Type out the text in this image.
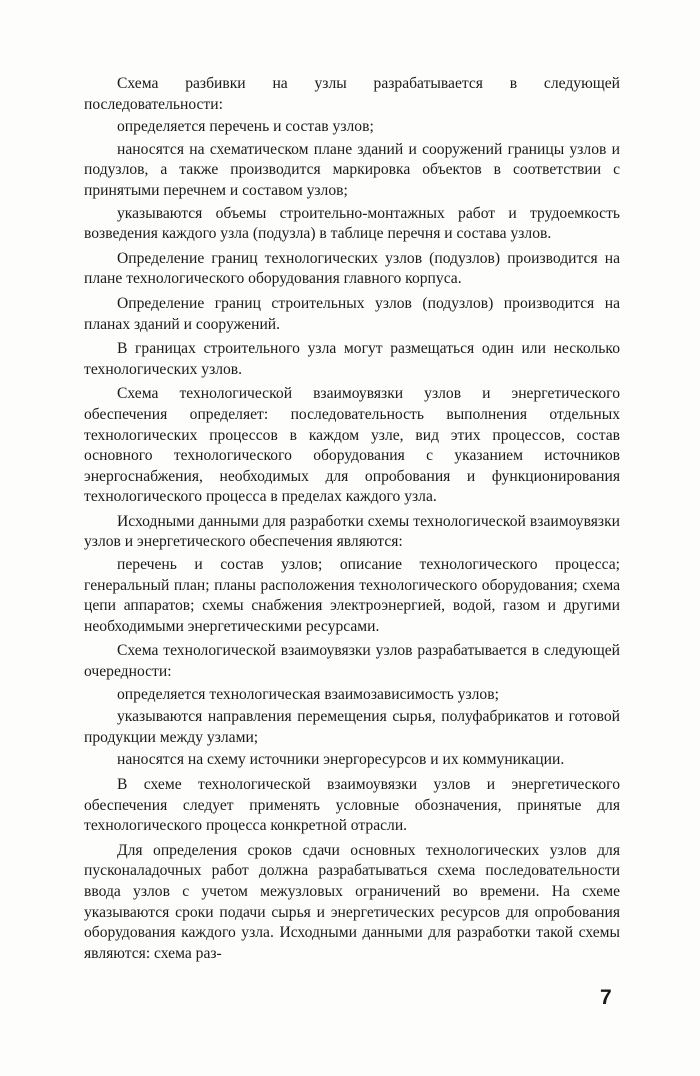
Схема разбивки на узлы разрабатывается в следующей последовательности:

определяется перечень и состав узлов;

наносятся на схематическом плане зданий и сооружений границы узлов и подузлов, а также производится маркировка объектов в соответствии с принятыми перечнем и составом узлов;

указываются объемы строительно-монтажных работ и трудоемкость возведения каждого узла (подузла) в таблице перечня и состава узлов.

Определение границ технологических узлов (подузлов) производится на плане технологического оборудования главного корпуса.

Определение границ строительных узлов (подузлов) производится на планах зданий и сооружений.

В границах строительного узла могут размещаться один или несколько технологических узлов.

Схема технологической взаимоувязки узлов и энергетического обеспечения определяет: последовательность выполнения отдельных технологических процессов в каждом узле, вид этих процессов, состав основного технологического оборудования с указанием источников энергоснабжения, необходимых для опробования и функционирования технологического процесса в пределах каждого узла.

Исходными данными для разработки схемы технологической взаимоувязки узлов и энергетического обеспечения являются:

перечень и состав узлов; описание технологического процесса; генеральный план; планы расположения технологического оборудования; схема цепи аппаратов; схемы снабжения электроэнергией, водой, газом и другими необходимыми энергетическими ресурсами.

Схема технологической взаимоувязки узлов разрабатывается в следующей очередности:

определяется технологическая взаимозависимость узлов;

указываются направления перемещения сырья, полуфабрикатов и готовой продукции между узлами;

наносятся на схему источники энергоресурсов и их коммуникации.

В схеме технологической взаимоувязки узлов и энергетического обеспечения следует применять условные обозначения, принятые для технологического процесса конкретной отрасли.

Для определения сроков сдачи основных технологических узлов для пусконаладочных работ должна разрабатываться схема последовательности ввода узлов с учетом межузловых ограничений во времени. На схеме указываются сроки подачи сырья и энергетических ресурсов для опробования оборудования каждого узла. Исходными данными для разработки такой схемы являются: схема раз-

7
